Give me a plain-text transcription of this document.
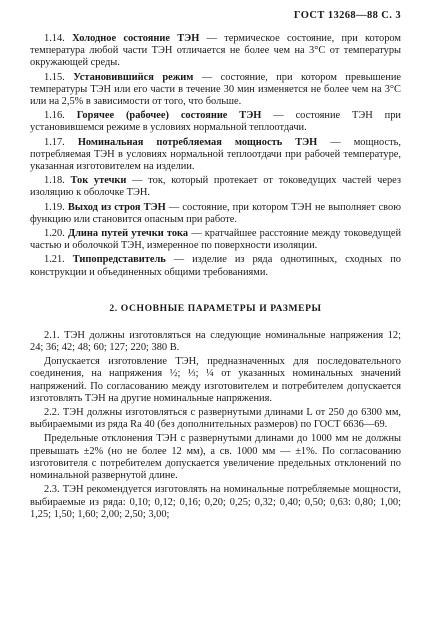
ГОСТ 13268—88 С. 3

1.14. Холодное состояние ТЭН — термическое состояние, при котором температура любой части ТЭН отличается не более чем на 3°С от температуры окружающей среды.

1.15. Установившийся режим — состояние, при котором превышение температуры ТЭН или его части в течение 30 мин изменяется не более чем на 3°С или на 2,5% в зависимости от того, что больше.

1.16. Горячее (рабочее) состояние ТЭН — состояние ТЭН при установившемся режиме в условиях нормальной теплоотдачи.

1.17. Номинальная потребляемая мощность ТЭН — мощность, потребляемая ТЭН в условиях нормальной теплоотдачи при рабочей температуре, указанная изготовителем на изделии.

1.18. Ток утечки — ток, который протекает от токоведущих частей через изоляцию к оболочке ТЭН.

1.19. Выход из строя ТЭН — состояние, при котором ТЭН не выполняет свою функцию или становится опасным при работе.

1.20. Длина путей утечки тока — кратчайшее расстояние между токоведущей частью и оболочкой ТЭН, измеренное по поверхности изоляции.

1.21. Типопредставитель — изделие из ряда однотипных, сходных по конструкции и объединенных общими требованиями.

2. ОСНОВНЫЕ ПАРАМЕТРЫ И РАЗМЕРЫ

2.1. ТЭН должны изготовляться на следующие номинальные напряжения 12; 24; 36; 42; 48; 60; 127; 220; 380 В.

Допускается изготовление ТЭН, предназначенных для последовательного соединения, на напряжения ½; ⅓; ¼ от указанных номинальных значений напряжений. По согласованию между изготовителем и потребителем допускается изготовлять ТЭН на другие номинальные напряжения.

2.2. ТЭН должны изготовляться с развернутыми длинами L от 250 до 6300 мм, выбираемыми из ряда Ra 40 (без дополнительных размеров) по ГОСТ 6636—69.

Предельные отклонения ТЭН с развернутыми длинами до 1000 мм не должны превышать ±2% (но не более 12 мм), а св. 1000 мм — ±1%. По согласованию изготовителя с потребителем допускается увеличение предельных отклонений по номинальной развернутой длине.

2.3. ТЭН рекомендуется изготовлять на номинальные потребляемые мощности, выбираемые из ряда: 0,10; 0,12; 0,16; 0,20; 0,25; 0,32; 0,40; 0,50; 0,63: 0,80; 1,00; 1,25; 1,50; 1,60; 2,00; 2,50; 3,00;
